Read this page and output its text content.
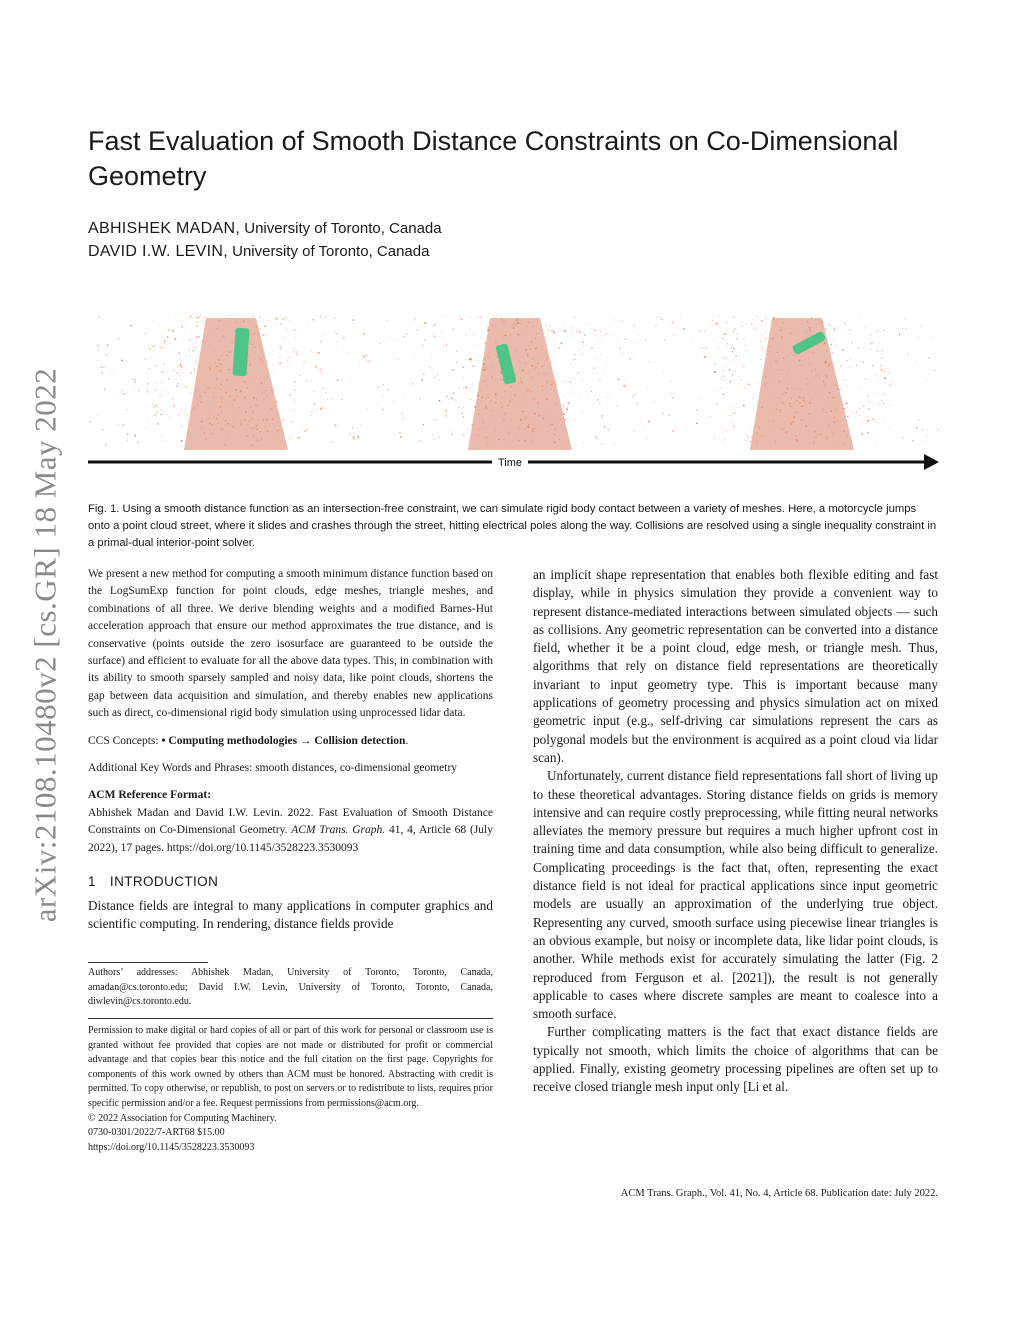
arXiv:2108.10480v2 [cs.GR] 18 May 2022
Fast Evaluation of Smooth Distance Constraints on Co-Dimensional Geometry
ABHISHEK MADAN, University of Toronto, Canada
DAVID I.W. LEVIN, University of Toronto, Canada
Time

Fig. 1. Using a smooth distance function as an intersection-free constraint, we can simulate rigid body contact between a variety of meshes. Here, a motorcycle jumps onto a point cloud street, where it slides and crashes through the street, hitting electrical poles along the way. Collisions are resolved using a single inequality constraint in a primal-dual interior-point solver.

We present a new method for computing a smooth minimum distance function based on the LogSumExp function for point clouds, edge meshes, triangle meshes, and combinations of all three. We derive blending weights and a modified Barnes-Hut acceleration approach that ensure our method approximates the true distance, and is conservative (points outside the zero isosurface are guaranteed to be outside the surface) and efficient to evaluate for all the above data types. This, in combination with its ability to smooth sparsely sampled and noisy data, like point clouds, shortens the gap between data acquisition and simulation, and thereby enables new applications such as direct, co-dimensional rigid body simulation using unprocessed lidar data.

CCS Concepts: • Computing methodologies → Collision detection.

Additional Key Words and Phrases: smooth distances, co-dimensional geometry

ACM Reference Format:

Abhishek Madan and David I.W. Levin. 2022. Fast Evaluation of Smooth Distance Constraints on Co-Dimensional Geometry. ACM Trans. Graph. 41, 4, Article 68 (July 2022), 17 pages. https://doi.org/10.1145/3528223.3530093

1 INTRODUCTION

Distance fields are integral to many applications in computer graphics and scientific computing. In rendering, distance fields provide

Authors’ addresses: Abhishek Madan, University of Toronto, Toronto, Canada, amadan@cs.toronto.edu; David I.W. Levin, University of Toronto, Toronto, Canada, diwlevin@cs.toronto.edu.

Permission to make digital or hard copies of all or part of this work for personal or classroom use is granted without fee provided that copies are not made or distributed for profit or commercial advantage and that copies bear this notice and the full citation on the first page. Copyrights for components of this work owned by others than ACM must be honored. Abstracting with credit is permitted. To copy otherwise, or republish, to post on servers or to redistribute to lists, requires prior specific permission and/or a fee. Request permissions from permissions@acm.org.

© 2022 Association for Computing Machinery.

0730-0301/2022/7-ART68 $15.00

https://doi.org/10.1145/3528223.3530093

an implicit shape representation that enables both flexible editing and fast display, while in physics simulation they provide a convenient way to represent distance-mediated interactions between simulated objects — such as collisions. Any geometric representation can be converted into a distance field, whether it be a point cloud, edge mesh, or triangle mesh. Thus, algorithms that rely on distance field representations are theoretically invariant to input geometry type. This is important because many applications of geometry processing and physics simulation act on mixed geometric input (e.g., self-driving car simulations represent the cars as polygonal models but the environment is acquired as a point cloud via lidar scan).

Unfortunately, current distance field representations fall short of living up to these theoretical advantages. Storing distance fields on grids is memory intensive and can require costly preprocessing, while fitting neural networks alleviates the memory pressure but requires a much higher upfront cost in training time and data consumption, while also being difficult to generalize. Complicating proceedings is the fact that, often, representing the exact distance field is not ideal for practical applications since input geometric models are usually an approximation of the underlying true object. Representing any curved, smooth surface using piecewise linear triangles is an obvious example, but noisy or incomplete data, like lidar point clouds, is another. While methods exist for accurately simulating the latter (Fig. 2 reproduced from Ferguson et al. [2021]), the result is not generally applicable to cases where discrete samples are meant to coalesce into a smooth surface.

Further complicating matters is the fact that exact distance fields are typically not smooth, which limits the choice of algorithms that can be applied. Finally, existing geometry processing pipelines are often set up to receive closed triangle mesh input only [Li et al.

ACM Trans. Graph., Vol. 41, No. 4, Article 68. Publication date: July 2022.
